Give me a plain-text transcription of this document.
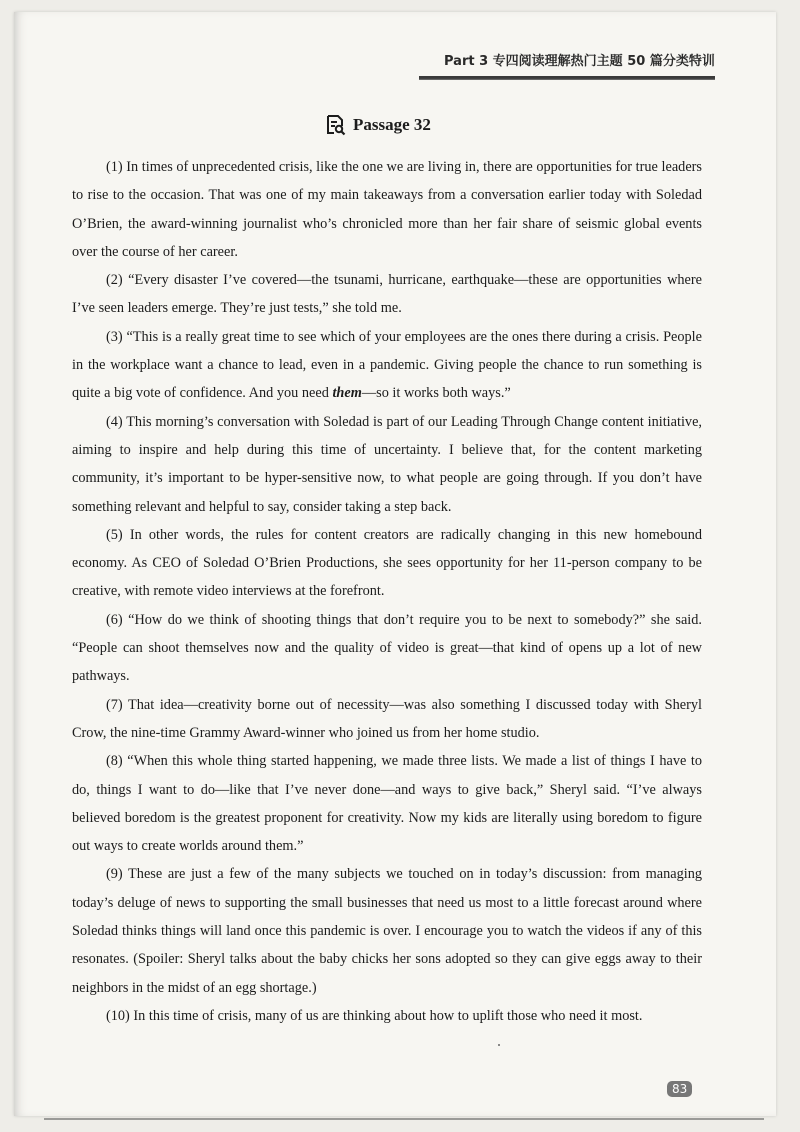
Part 3 专四阅读理解热门主题 50 篇分类特训
Passage 32

(1) In times of unprecedented crisis, like the one we are living in, there are opportunities for true leaders to rise to the occasion. That was one of my main takeaways from a conversation earlier today with Soledad O’Brien, the award-winning journalist who’s chronicled more than her fair share of seismic global events over the course of her career.

(2) “Every disaster I’ve covered—the tsunami, hurricane, earthquake—these are opportunities where I’ve seen leaders emerge. They’re just tests,” she told me.

(3) “This is a really great time to see which of your employees are the ones there during a crisis. People in the workplace want a chance to lead, even in a pandemic. Giving people the chance to run something is quite a big vote of confidence. And you need them—so it works both ways.”

(4) This morning’s conversation with Soledad is part of our Leading Through Change content initiative, aiming to inspire and help during this time of uncertainty. I believe that, for the content marketing community, it’s important to be hyper-sensitive now, to what people are going through. If you don’t have something relevant and helpful to say, consider taking a step back.

(5) In other words, the rules for content creators are radically changing in this new homebound economy. As CEO of Soledad O’Brien Productions, she sees opportunity for her 11-person company to be creative, with remote video interviews at the forefront.

(6) “How do we think of shooting things that don’t require you to be next to somebody?” she said. “People can shoot themselves now and the quality of video is great—that kind of opens up a lot of new pathways.

(7) That idea—creativity borne out of necessity—was also something I discussed today with Sheryl Crow, the nine-time Grammy Award-winner who joined us from her home studio.

(8) “When this whole thing started happening, we made three lists. We made a list of things I have to do, things I want to do—like that I’ve never done—and ways to give back,” Sheryl said. “I’ve always believed boredom is the greatest proponent for creativity. Now my kids are literally using boredom to figure out ways to create worlds around them.”

(9) These are just a few of the many subjects we touched on in today’s discussion: from managing today’s deluge of news to supporting the small businesses that need us most to a little forecast around where Soledad thinks things will land once this pandemic is over. I encourage you to watch the videos if any of this resonates. (Spoiler: Sheryl talks about the baby chicks her sons adopted so they can give eggs away to their neighbors in the midst of an egg shortage.)

(10) In this time of crisis, many of us are thinking about how to uplift those who need it most.

83
